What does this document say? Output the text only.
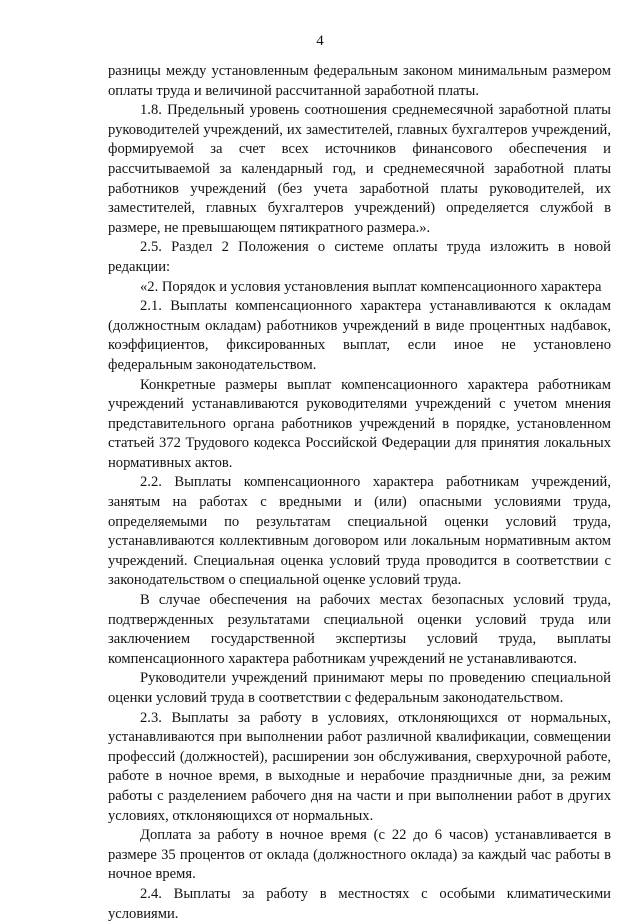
4

разницы между установленным федеральным законом минимальным размером оплаты труда и величиной рассчитанной заработной платы.

1.8. Предельный уровень соотношения среднемесячной заработной платы руководителей учреждений, их заместителей, главных бухгалтеров учреждений, формируемой за счет всех источников финансового обеспечения и рассчитываемой за календарный год, и среднемесячной заработной платы работников учреждений (без учета заработной платы руководителей, их заместителей, главных бухгалтеров учреждений) определяется службой в размере, не превышающем пятикратного размера.».

2.5. Раздел 2 Положения о системе оплаты труда изложить в новой редакции:

«2. Порядок и условия установления выплат компенсационного характера

2.1. Выплаты компенсационного характера устанавливаются к окладам (должностным окладам) работников учреждений в виде процентных надбавок, коэффициентов, фиксированных выплат, если иное не установлено федеральным законодательством.

Конкретные размеры выплат компенсационного характера работникам учреждений устанавливаются руководителями учреждений с учетом мнения представительного органа работников учреждений в порядке, установленном статьей 372 Трудового кодекса Российской Федерации для принятия локальных нормативных актов.

2.2. Выплаты компенсационного характера работникам учреждений, занятым на работах с вредными и (или) опасными условиями труда, определяемыми по результатам специальной оценки условий труда, устанавливаются коллективным договором или локальным нормативным актом учреждений. Специальная оценка условий труда проводится в соответствии с законодательством о специальной оценке условий труда.

В случае обеспечения на рабочих местах безопасных условий труда, подтвержденных результатами специальной оценки условий труда или заключением государственной экспертизы условий труда, выплаты компенсационного характера работникам учреждений не устанавливаются.

Руководители учреждений принимают меры по проведению специальной оценки условий труда в соответствии с федеральным законодательством.

2.3. Выплаты за работу в условиях, отклоняющихся от нормальных, устанавливаются при выполнении работ различной квалификации, совмещении профессий (должностей), расширении зон обслуживания, сверхурочной работе, работе в ночное время, в выходные и нерабочие праздничные дни, за режим работы с разделением рабочего дня на части и при выполнении работ в других условиях, отклоняющихся от нормальных.

Доплата за работу в ночное время (с 22 до 6 часов) устанавливается в размере 35 процентов от оклада (должностного оклада) за каждый час работы в ночное время.

2.4. Выплаты за работу в местностях с особыми климатическими условиями.
